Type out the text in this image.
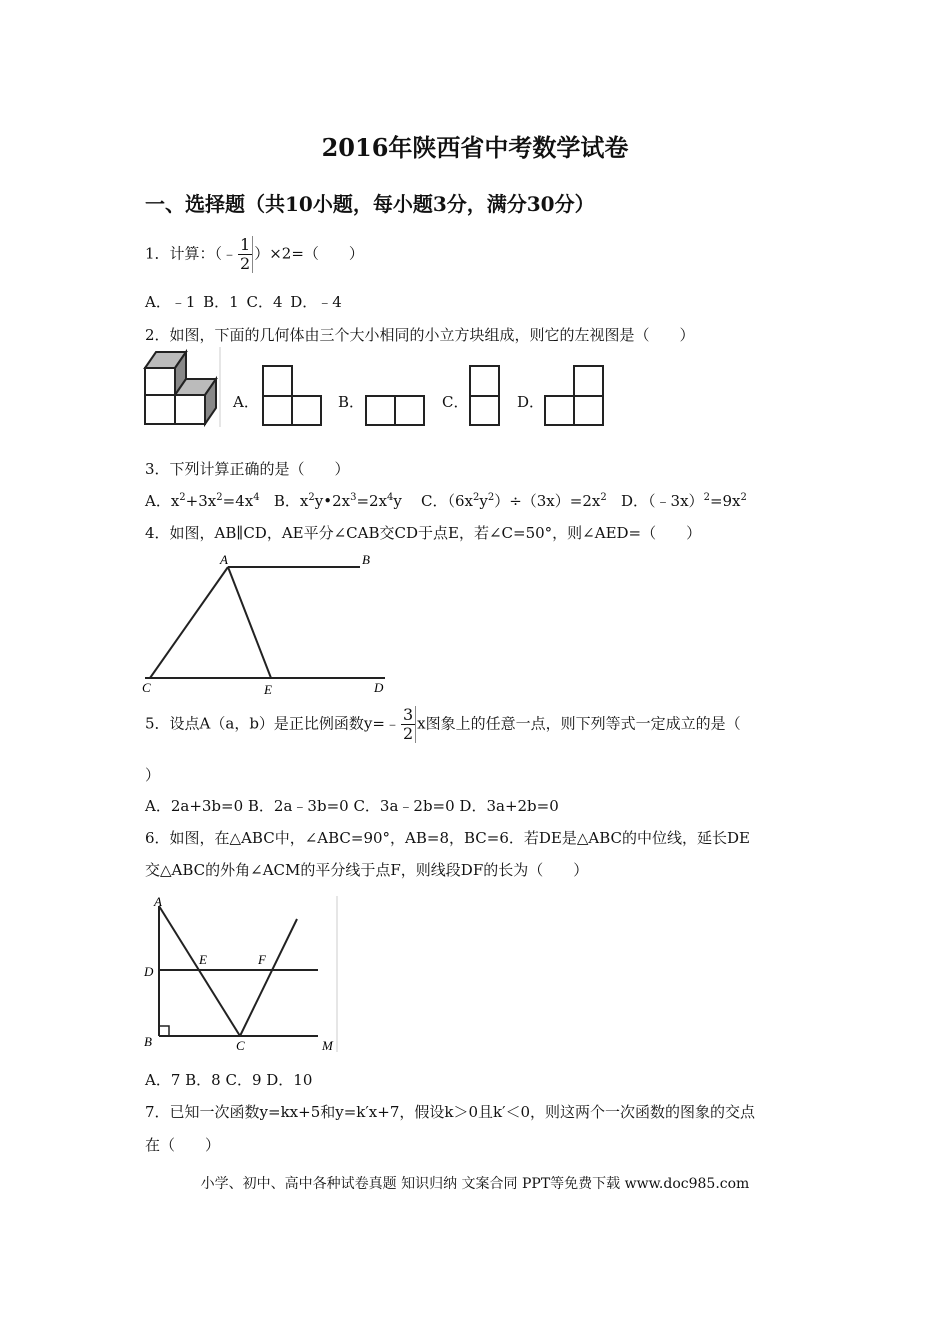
2016年陕西省中考数学试卷
一、选择题（共10小题，每小题3分，满分30分）
1．计算：（﹣ $\frac{1}{2} )\times 2=$（　　）
A．﹣1 B．1 C．4 D．﹣4
2．如图，下面的几何体由三个大小相同的小立方块组成，则它的左视图是（　　）
A．	B．	C．	D．
3．下列计算正确的是（　　）
A．$x^2+3x^2=4x^4$ B．$x^2y•2x^3=2x^4y$ C．$(6x^2y^2)\div(3x)=2x^2$ D．$(﹣3x)^2=9x^2$
4．如图，AB∥CD，AE平分∠CAB交CD于点E，若∠C=50°，则∠AED=（　　）
A	B
C	E	D
5．设点A（a，b）是正比例函数y=﹣ $\frac{3}{2}$ x图象上的任意一点，则下列等式一定成立的是（
）
A．2a+3b=0 B．2a﹣3b=0 C．3a﹣2b=0 D．3a+2b=0
6．如图，在△ABC中，∠ABC=90°，AB=8，BC=6．若DE是△ABC的中位线，延长DE
交△ABC的外角∠ACM的平分线于点F，则线段DF的长为（　　）
A
D
E	F
B	C	M
A．7 B．8 C．9 D．10
7．已知一次函数y=kx+5和y=k′x+7，假设k＞0且k′＜0，则这两个一次函数的图象的交点
在（　　）
小学、初中、高中各种试卷真题 知识归纳 文案合同 PPT等免费下载 www.doc985.com
